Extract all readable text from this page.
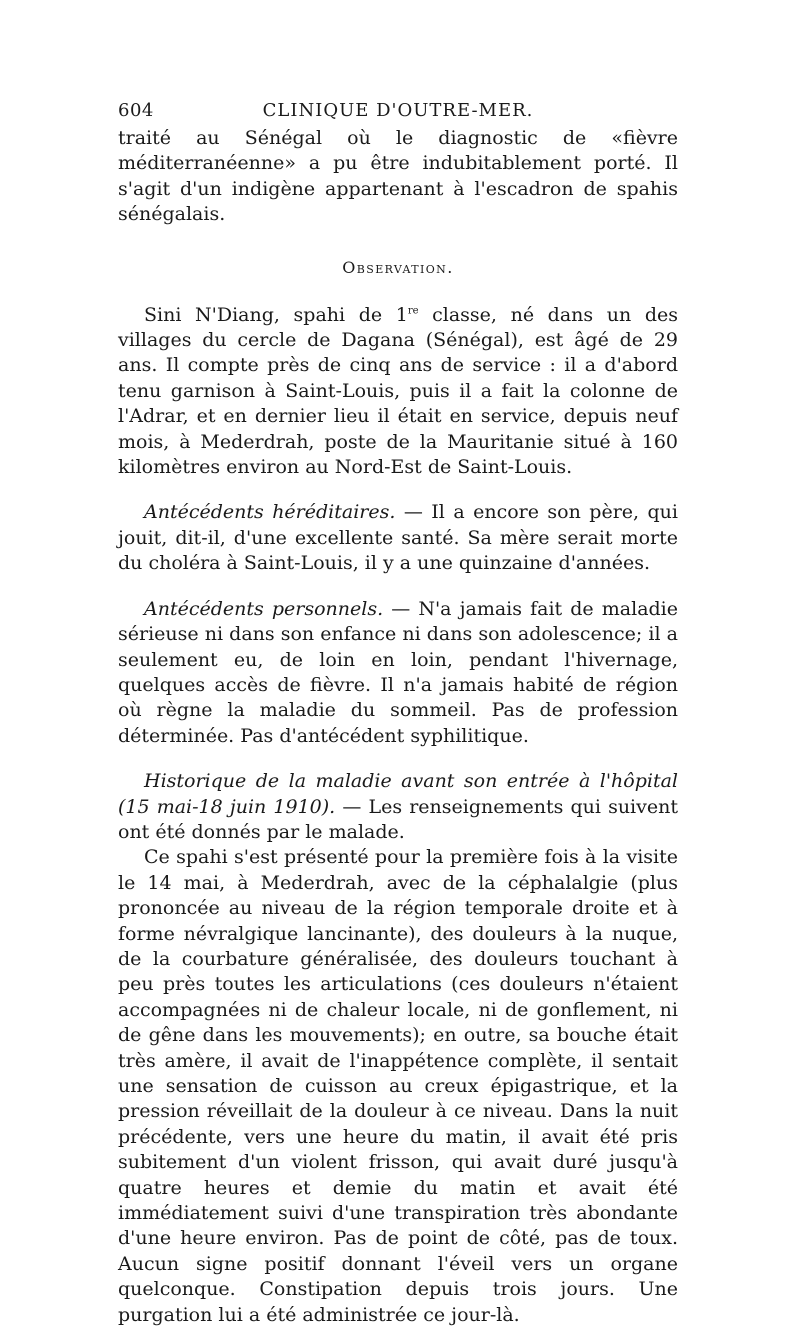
604	CLINIQUE D'OUTRE-MER.

traité au Sénégal où le diagnostic de «fièvre méditerranéenne» a pu être indubitablement porté. Il s'agit d'un indigène appartenant à l'escadron de spahis sénégalais.

Observation.

Sini N'Diang, spahi de 1re classe, né dans un des villages du cercle de Dagana (Sénégal), est âgé de 29 ans. Il compte près de cinq ans de service : il a d'abord tenu garnison à Saint-Louis, puis il a fait la colonne de l'Adrar, et en dernier lieu il était en service, depuis neuf mois, à Mederdrah, poste de la Mauritanie situé à 160 kilomètres environ au Nord-Est de Saint-Louis.

Antécédents héréditaires. — Il a encore son père, qui jouit, dit-il, d'une excellente santé. Sa mère serait morte du choléra à Saint-Louis, il y a une quinzaine d'années.

Antécédents personnels. — N'a jamais fait de maladie sérieuse ni dans son enfance ni dans son adolescence; il a seulement eu, de loin en loin, pendant l'hivernage, quelques accès de fièvre. Il n'a jamais habité de région où règne la maladie du sommeil. Pas de profession déterminée. Pas d'antécédent syphilitique.

Historique de la maladie avant son entrée à l'hôpital (15 mai-18 juin 1910). — Les renseignements qui suivent ont été donnés par le malade.

Ce spahi s'est présenté pour la première fois à la visite le 14 mai, à Mederdrah, avec de la céphalalgie (plus prononcée au niveau de la région temporale droite et à forme névralgique lancinante), des douleurs à la nuque, de la courbature généralisée, des douleurs touchant à peu près toutes les articulations (ces douleurs n'étaient accompagnées ni de chaleur locale, ni de gonflement, ni de gêne dans les mouvements); en outre, sa bouche était très amère, il avait de l'inappétence complète, il sentait une sensation de cuisson au creux épigastrique, et la pression réveillait de la douleur à ce niveau. Dans la nuit précédente, vers une heure du matin, il avait été pris subitement d'un violent frisson, qui avait duré jusqu'à quatre heures et demie du matin et avait été immédiatement suivi d'une transpiration très abondante d'une heure environ. Pas de point de côté, pas de toux. Aucun signe positif donnant l'éveil vers un organe quelconque. Constipation depuis trois jours. Une purgation lui a été administrée ce jour-là.
